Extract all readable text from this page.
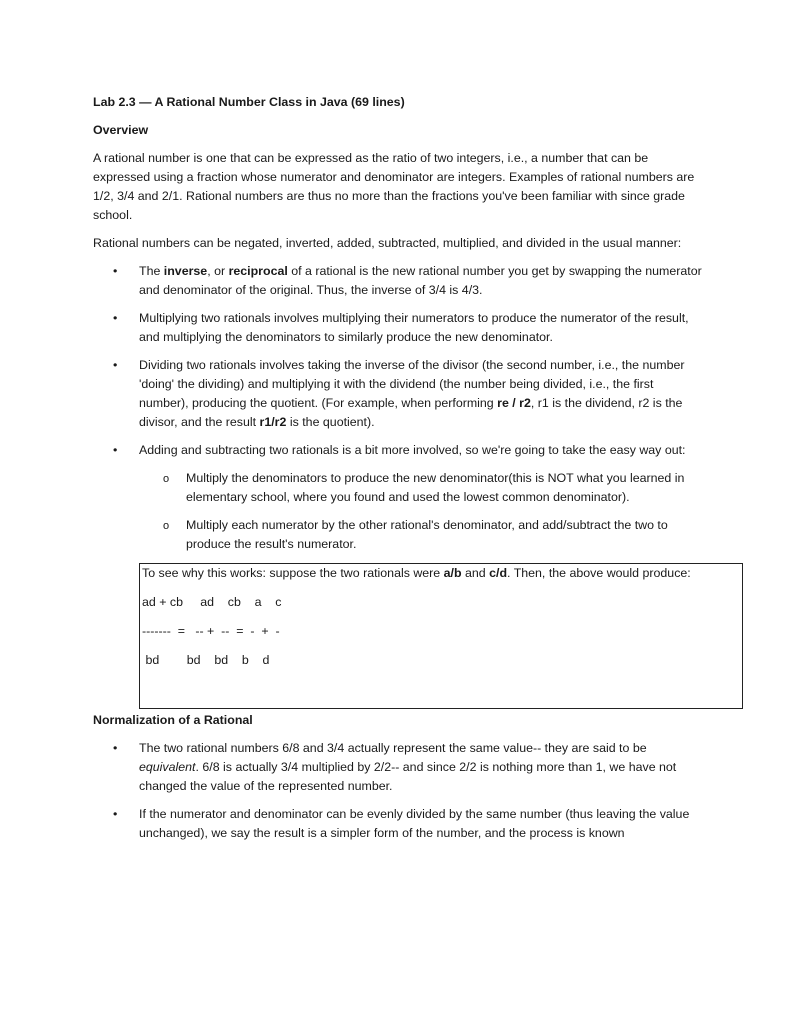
Lab 2.3 — A Rational Number Class in Java (69 lines)

Overview

A rational number is one that can be expressed as the ratio of two integers, i.e., a number that can be expressed using a fraction whose numerator and denominator are integers. Examples of rational numbers are 1/2, 3/4 and 2/1. Rational numbers are thus no more than the fractions you've been familiar with since grade school.

Rational numbers can be negated, inverted, added, subtracted, multiplied, and divided in the usual manner:

• The inverse, or reciprocal of a rational is the new rational number you get by swapping the numerator and denominator of the original. Thus, the inverse of 3/4 is 4/3.
• Multiplying two rationals involves multiplying their numerators to produce the numerator of the result, and multiplying the denominators to similarly produce the new denominator.
• Dividing two rationals involves taking the inverse of the divisor (the second number, i.e., the number 'doing' the dividing) and multiplying it with the dividend (the number being divided, i.e., the first number), producing the quotient. (For example, when performing re / r2, r1 is the dividend, r2 is the divisor, and the result r1/r2 is the quotient).
• Adding and subtracting two rationals is a bit more involved, so we're going to take the easy way out:
o Multiply the denominators to produce the new denominator(this is NOT what you learned in elementary school, where you found and used the lowest common denominator).
o Multiply each numerator by the other rational's denominator, and add/subtract the two to produce the result's numerator.
To see why this works: suppose the two rationals were a/b and c/d. Then, the above would produce:
ad + cb     ad    cb    a    c
-------  =   -- +  --  =  -  +  -
bd        bd    bd    b    d

Normalization of a Rational

• The two rational numbers 6/8 and 3/4 actually represent the same value-- they are said to be equivalent. 6/8 is actually 3/4 multiplied by 2/2-- and since 2/2 is nothing more than 1, we have not changed the value of the represented number.
• If the numerator and denominator can be evenly divided by the same number (thus leaving the value unchanged), we say the result is a simpler form of the number, and the process is known
